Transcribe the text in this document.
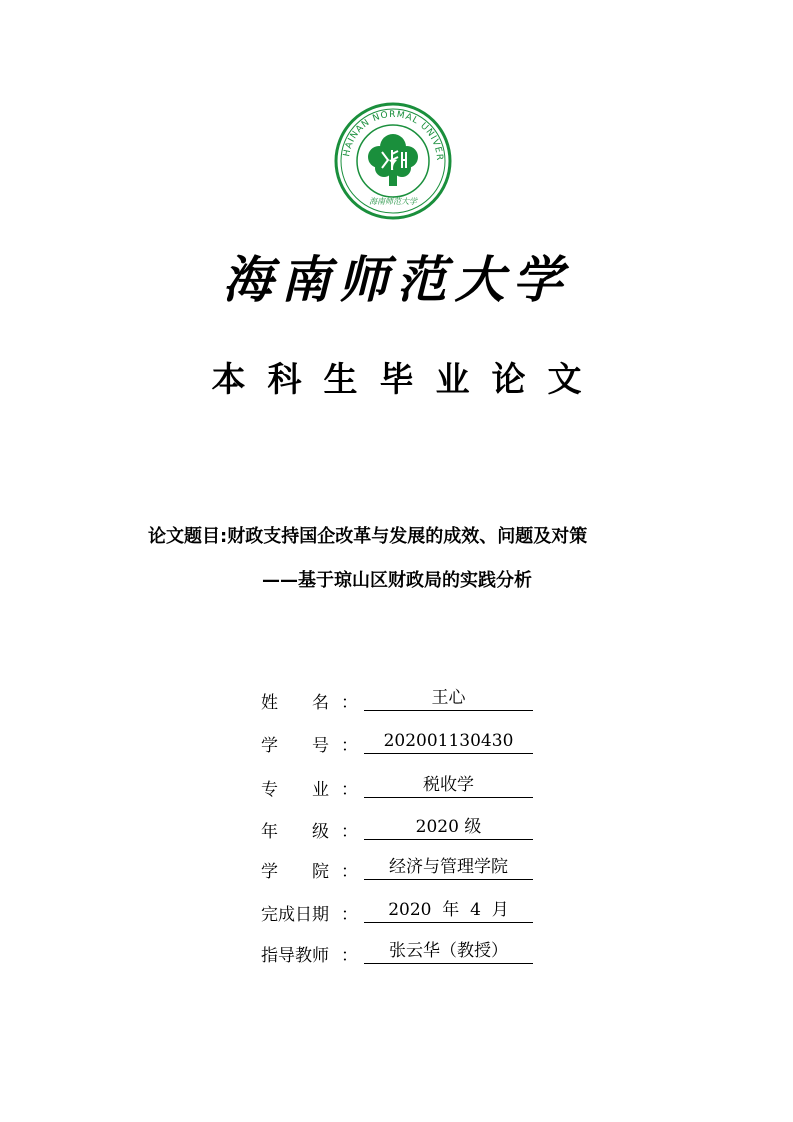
HAINAN NORMAL UNIVER
海南师范大学
海南师范大学
本科生毕业论文
论文题目:财政支持国企改革与发展的成效、问题及对策
——基于琼山区财政局的实践分析
姓　　名 ：	王心
学　　号 ：	202001130430
专　　业 ：	税收学
年　　级 ：	2020 级
学　　院 ：	经济与管理学院
完成日期 ：	2020  年  4  月
指导教师 ：	张云华（教授）
